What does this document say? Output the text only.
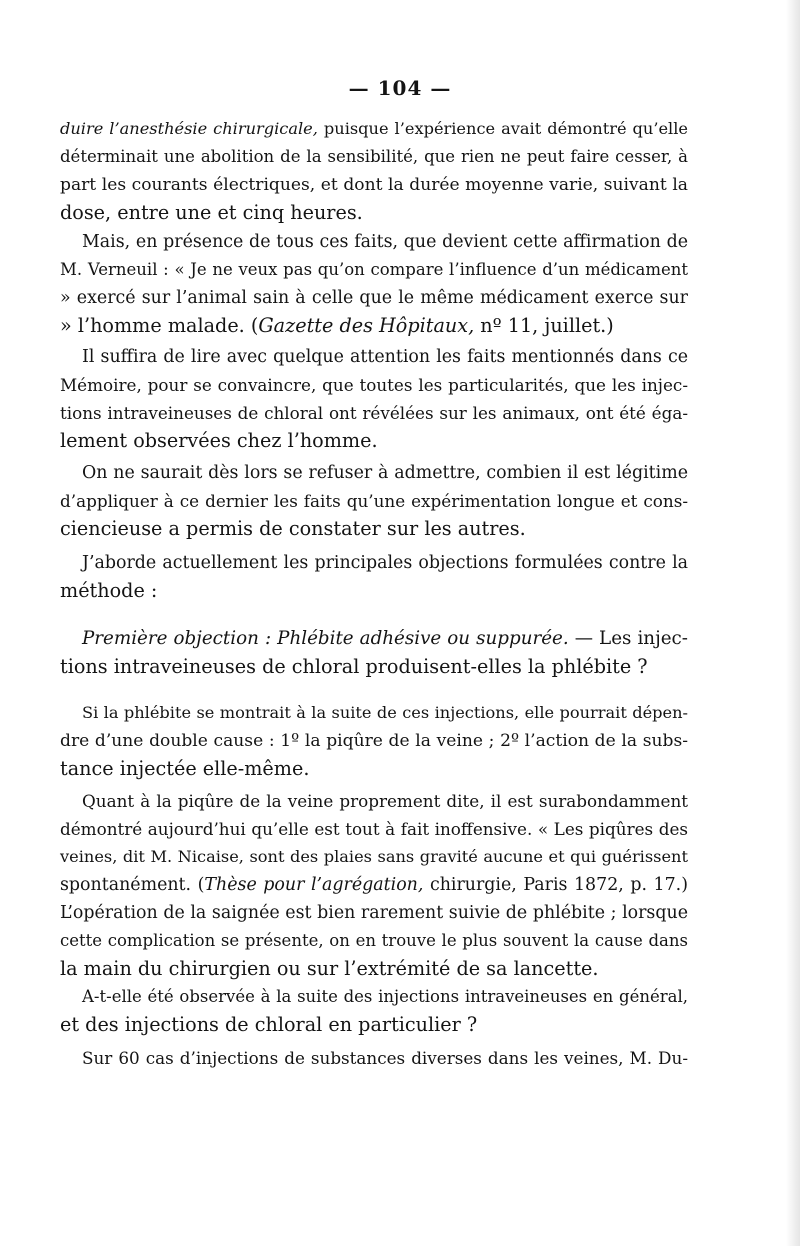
— 104 —
duire l’anesthésie chirurgicale, puisque l’expérience avait démontré qu’elle
déterminait une abolition de la sensibilité, que rien ne peut faire cesser, à
part les courants électriques, et dont la durée moyenne varie, suivant la
dose, entre une et cinq heures.
Mais, en présence de tous ces faits, que devient cette affirmation de
M. Verneuil : « Je ne veux pas qu’on compare l’influence d’un médicament
» exercé sur l’animal sain à celle que le même médicament exerce sur
» l’homme malade. (Gazette des Hôpitaux, nº 11, juillet.)
Il suffira de lire avec quelque attention les faits mentionnés dans ce
Mémoire, pour se convaincre, que toutes les particularités, que les injec-
tions intraveineuses de chloral ont révélées sur les animaux, ont été éga-
lement observées chez l’homme.
On ne saurait dès lors se refuser à admettre, combien il est légitime
d’appliquer à ce dernier les faits qu’une expérimentation longue et cons-
ciencieuse a permis de constater sur les autres.
J’aborde actuellement les principales objections formulées contre la
méthode :
Première objection : Phlébite adhésive ou suppurée. — Les injec-
tions intraveineuses de chloral produisent-elles la phlébite ?
Si la phlébite se montrait à la suite de ces injections, elle pourrait dépen-
dre d’une double cause : 1º la piqûre de la veine ; 2º l’action de la subs-
tance injectée elle-même.
Quant à la piqûre de la veine proprement dite, il est surabondamment
démontré aujourd’hui qu’elle est tout à fait inoffensive. « Les piqûres des
veines, dit M. Nicaise, sont des plaies sans gravité aucune et qui guérissent
spontanément. (Thèse pour l’agrégation, chirurgie, Paris 1872, p. 17.)
L’opération de la saignée est bien rarement suivie de phlébite ; lorsque
cette complication se présente, on en trouve le plus souvent la cause dans
la main du chirurgien ou sur l’extrémité de sa lancette.
A-t-elle été observée à la suite des injections intraveineuses en général,
et des injections de chloral en particulier ?
Sur 60 cas d’injections de substances diverses dans les veines, M. Du-
